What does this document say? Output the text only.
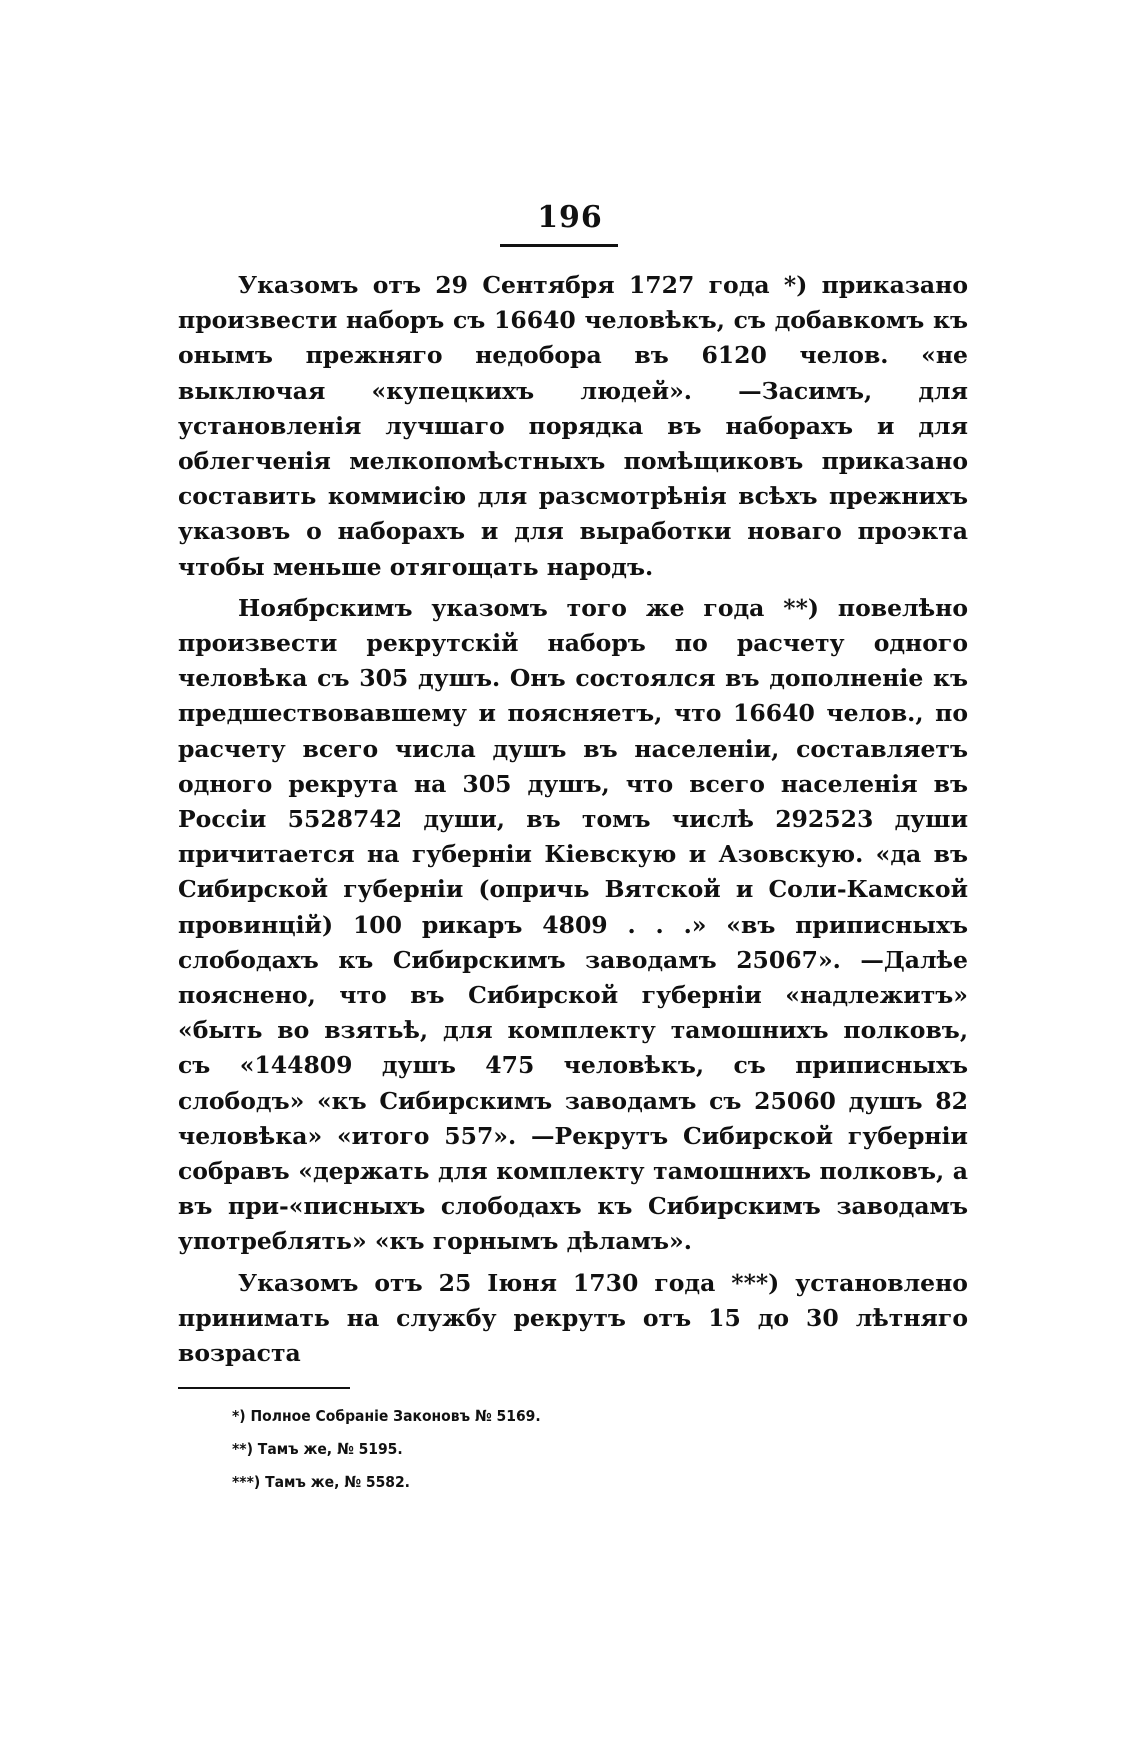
196

Указомъ отъ 29 Сентября 1727 года *) приказано произвести наборъ съ 16640 человѣкъ, съ добавкомъ къ онымъ прежняго недобора въ 6120 челов. «не выключая «купецкихъ людей». —Засимъ, для установленія лучшаго порядка въ наборахъ и для облегченія мелкопомѣстныхъ помѣщиковъ приказано составить коммисію для разсмотрѣнія всѣхъ прежнихъ указовъ о наборахъ и для выработки новаго проэкта чтобы меньше отягощать народъ.

Ноябрскимъ указомъ того же года **) повелѣно произвести рекрутскій наборъ по расчету одного человѣка съ 305 душъ. Онъ состоялся въ дополненіе къ предшествовавшему и поясняетъ, что 16640 челов., по расчету всего числа душъ въ населеніи, составляетъ одного рекрута на 305 душъ, что всего населенія въ Россіи 5528742 души, въ томъ числѣ 292523 души причитается на губерніи Кіевскую и Азовскую. «да въ Сибирской губерніи (опричь Вятской и Соли-Камской провинцій) 100 рикаръ 4809 . . .» «въ приписныхъ слободахъ къ Сибирскимъ заводамъ 25067». —Далѣе пояснено, что въ Сибирской губерніи «надлежитъ» «быть во взятьѣ, для комплекту тамошнихъ полковъ, съ «144809 душъ 475 человѣкъ, съ приписныхъ слободъ» «къ Сибирскимъ заводамъ съ 25060 душъ 82 человѣка» «итого 557». —Рекрутъ Сибирской губерніи собравъ «держать для комплекту тамошнихъ полковъ, а въ при-«писныхъ слободахъ къ Сибирскимъ заводамъ употреблять» «къ горнымъ дѣламъ».

Указомъ отъ 25 Іюня 1730 года ***) установлено принимать на службу рекрутъ отъ 15 до 30 лѣтняго возраста

*) Полное Собраніе Законовъ № 5169.
**) Тамъ же, № 5195.
***) Тамъ же, № 5582.
